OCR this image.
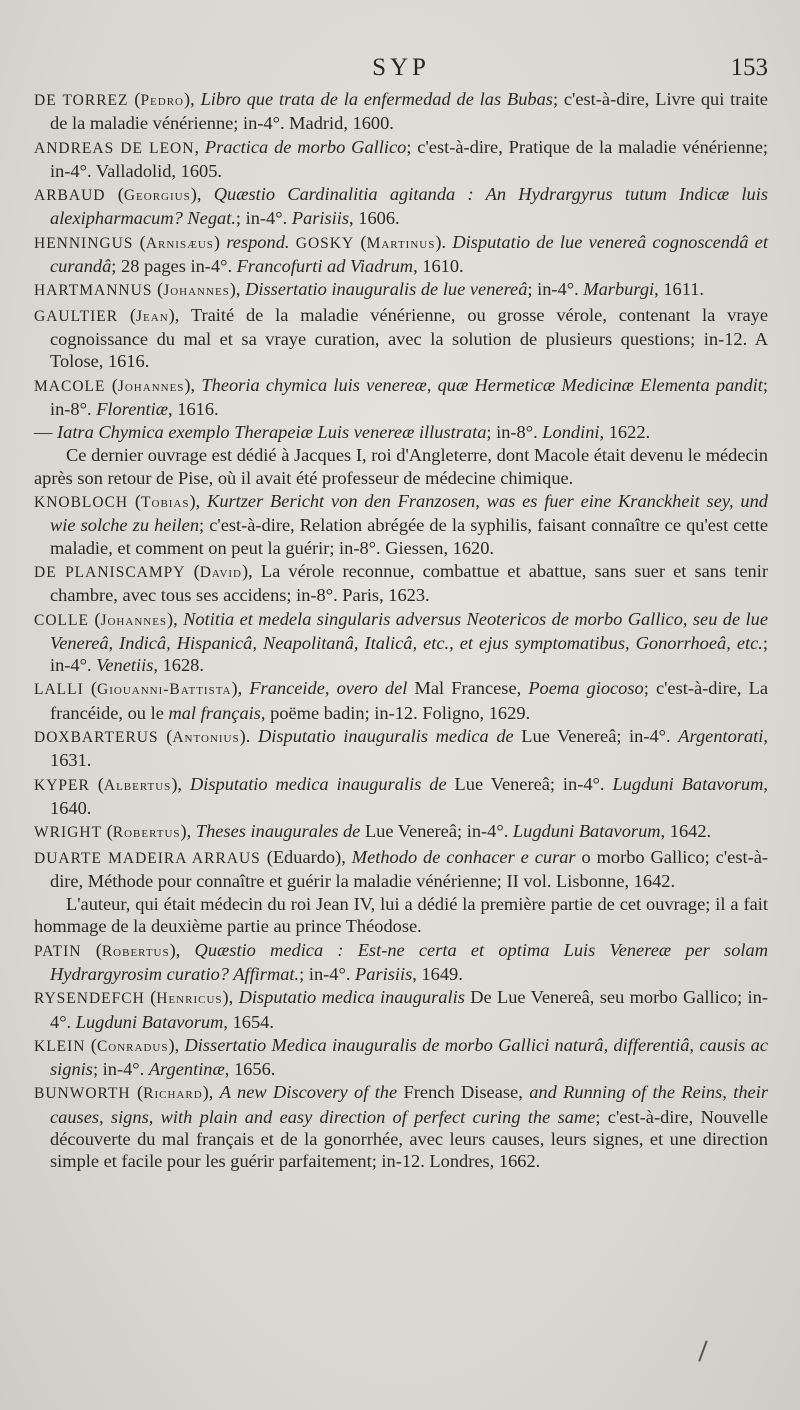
SYP	153

DE TORREZ (Pedro), Libro que trata de la enfermedad de las Bubas; c'est-à-dire, Livre qui traite de la maladie vénérienne; in-4°. Madrid, 1600.

ANDREAS DE LEON, Practica de morbo Gallico; c'est-à-dire, Pratique de la maladie vénérienne; in-4°. Valladolid, 1605.

ARBAUD (Georgius), Quæstio Cardinalitia agitanda : An Hydrargyrus tutum Indicæ luis alexipharmacum? Negat.; in-4°. Parisiis, 1606.

HENNINGUS (Arnisæus) respond. GOSKY (Martinus). Disputatio de lue venereâ cognoscendâ et curandâ; 28 pages in-4°. Francofurti ad Viadrum, 1610.

HARTMANNUS (Johannes), Dissertatio inauguralis de lue venereâ; in-4°. Marburgi, 1611.

GAULTIER (Jean), Traité de la maladie vénérienne, ou grosse vérole, contenant la vraye cognoissance du mal et sa vraye curation, avec la solution de plusieurs questions; in-12. A Tolose, 1616.

MACOLE (Johannes), Theoria chymica luis venereæ, quæ Hermeticæ Medicinæ Elementa pandit; in-8°. Florentiæ, 1616.

— Iatra Chymica exemplo Therapeiæ Luis venereæ illustrata; in-8°. Londini, 1622.

Ce dernier ouvrage est dédié à Jacques I, roi d'Angleterre, dont Macole était devenu le médecin après son retour de Pise, où il avait été professeur de médecine chimique.

KNOBLOCH (Tobias), Kurtzer Bericht von den Franzosen, was es fuer eine Kranckheit sey, und wie solche zu heilen; c'est-à-dire, Relation abrégée de la syphilis, faisant connaître ce qu'est cette maladie, et comment on peut la guérir; in-8°. Giessen, 1620.

DE PLANISCAMPY (David), La vérole reconnue, combattue et abattue, sans suer et sans tenir chambre, avec tous ses accidens; in-8°. Paris, 1623.

COLLE (Johannes), Notitia et medela singularis adversus Neotericos de morbo Gallico, seu de lue Venereâ, Indicâ, Hispanicâ, Neapolitanâ, Italicâ, etc., et ejus symptomatibus, Gonorrhoeâ, etc.; in-4°. Venetiis, 1628.

LALLI (Giouanni-Battista), Franceide, overo del Mal Francese, Poema giocoso; c'est-à-dire, La francéide, ou le mal français, poëme badin; in-12. Foligno, 1629.

DOXBARTERUS (Antonius). Disputatio inauguralis medica de Lue Venereâ; in-4°. Argentorati, 1631.

KYPER (Albertus), Disputatio medica inauguralis de Lue Venereâ; in-4°. Lugduni Batavorum, 1640.

WRIGHT (Robertus), Theses inaugurales de Lue Venereâ; in-4°. Lugduni Batavorum, 1642.

DUARTE MADEIRA ARRAUS (Eduardo), Methodo de conhacer e curar o morbo Gallico; c'est-à-dire, Méthode pour connaître et guérir la maladie vénérienne; II vol. Lisbonne, 1642.

L'auteur, qui était médecin du roi Jean IV, lui a dédié la première partie de cet ouvrage; il a fait hommage de la deuxième partie au prince Théodose.

PATIN (Robertus), Quæstio medica : Est-ne certa et optima Luis Venereæ per solam Hydrargyrosim curatio? Affirmat.; in-4°. Parisiis, 1649.

RYSENDEFCH (Henricus), Disputatio medica inauguralis De Lue Venereâ, seu morbo Gallico; in-4°. Lugduni Batavorum, 1654.

KLEIN (Conradus), Dissertatio Medica inauguralis de morbo Gallici naturâ, differentiâ, causis ac signis; in-4°. Argentinæ, 1656.

BUNWORTH (Richard), A new Discovery of the French Disease, and Running of the Reins, their causes, signs, with plain and easy direction of perfect curing the same; c'est-à-dire, Nouvelle découverte du mal français et de la gonorrhée, avec leurs causes, leurs signes, et une direction simple et facile pour les guérir parfaitement; in-12. Londres, 1662.
